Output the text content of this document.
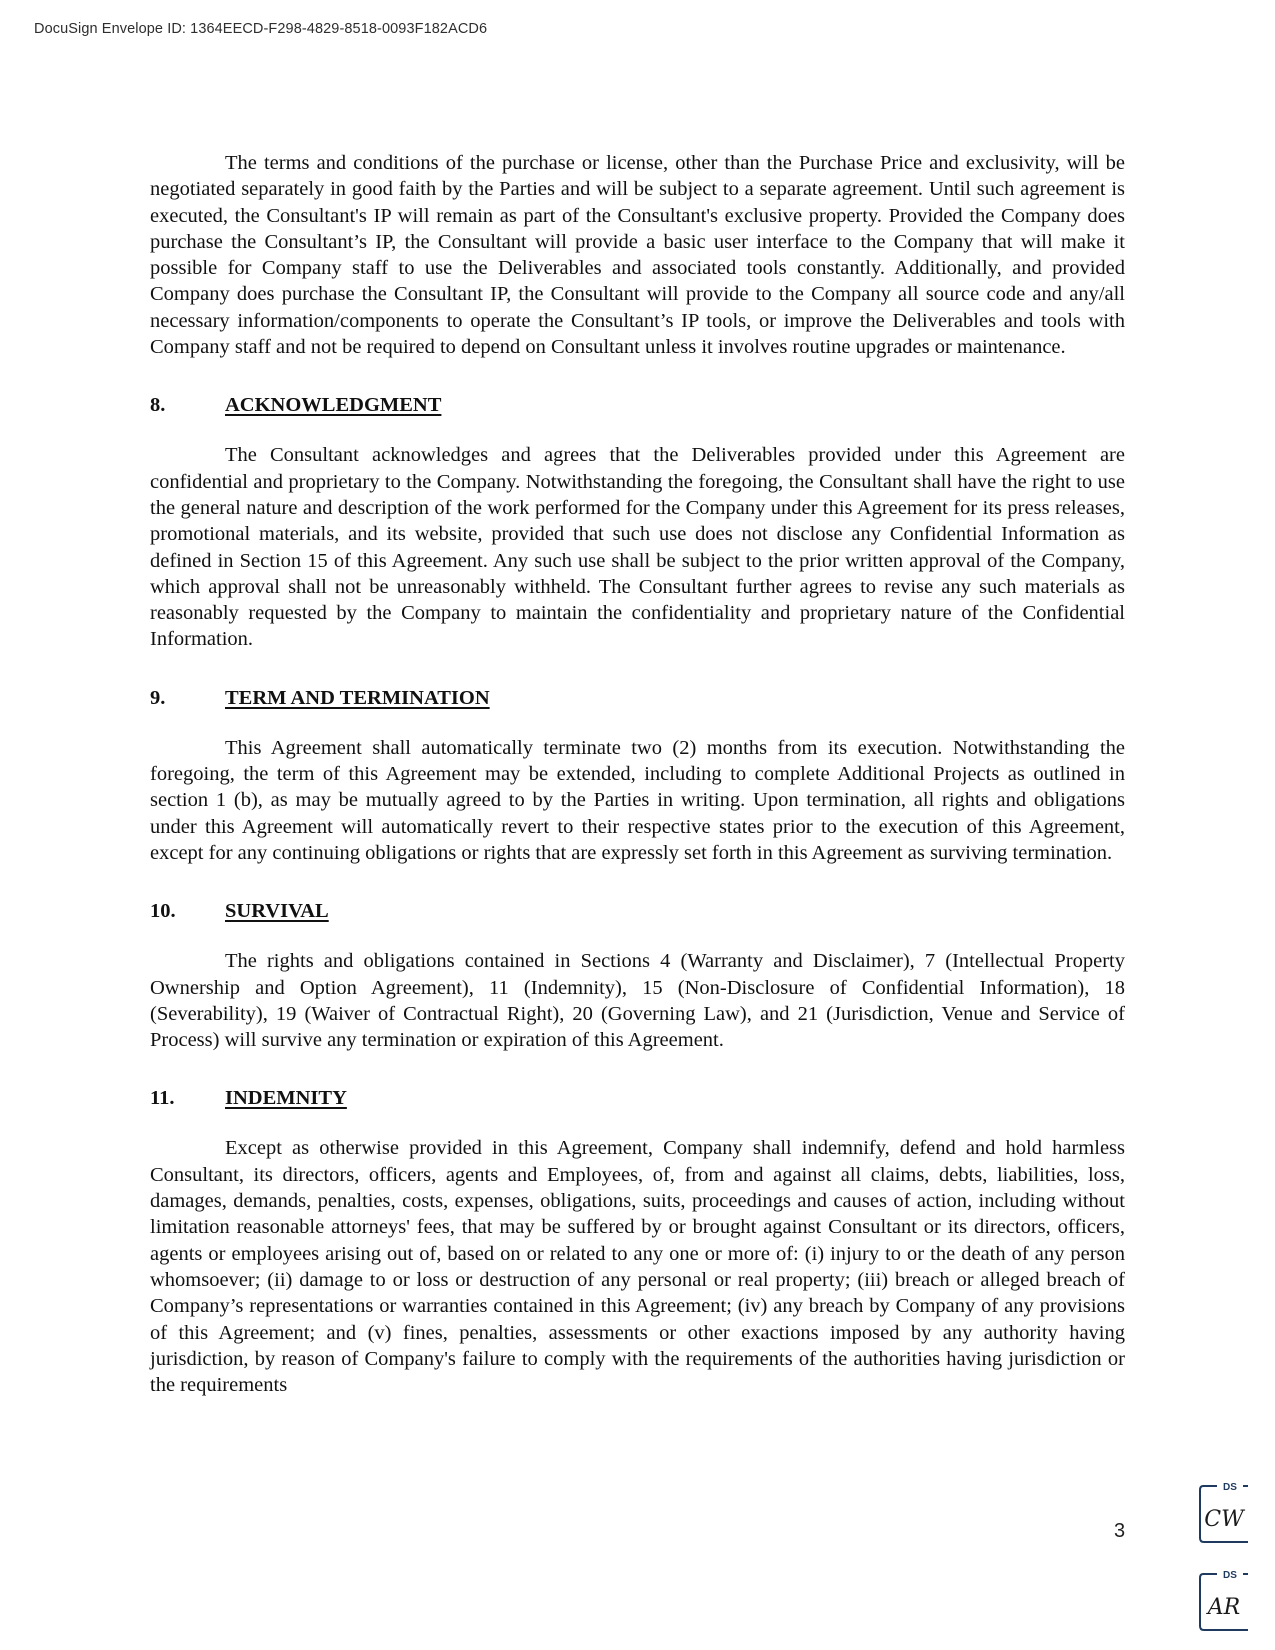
DocuSign Envelope ID: 1364EECD-F298-4829-8518-0093F182ACD6

The terms and conditions of the purchase or license, other than the Purchase Price and exclusivity, will be negotiated separately in good faith by the Parties and will be subject to a separate agreement. Until such agreement is executed, the Consultant's IP will remain as part of the Consultant's exclusive property. Provided the Company does purchase the Consultant’s IP, the Consultant will provide a basic user interface to the Company that will make it possible for Company staff to use the Deliverables and associated tools constantly. Additionally, and provided Company does purchase the Consultant IP, the Consultant will provide to the Company all source code and any/all necessary information/components to operate the Consultant’s IP tools, or improve the Deliverables and tools with Company staff and not be required to depend on Consultant unless it involves routine upgrades or maintenance.

8.	ACKNOWLEDGMENT

The Consultant acknowledges and agrees that the Deliverables provided under this Agreement are confidential and proprietary to the Company. Notwithstanding the foregoing, the Consultant shall have the right to use the general nature and description of the work performed for the Company under this Agreement for its press releases, promotional materials, and its website, provided that such use does not disclose any Confidential Information as defined in Section 15 of this Agreement. Any such use shall be subject to the prior written approval of the Company, which approval shall not be unreasonably withheld. The Consultant further agrees to revise any such materials as reasonably requested by the Company to maintain the confidentiality and proprietary nature of the Confidential Information.

9.	TERM AND TERMINATION

This Agreement shall automatically terminate two (2) months from its execution. Notwithstanding the foregoing, the term of this Agreement may be extended, including to complete Additional Projects as outlined in section 1 (b), as may be mutually agreed to by the Parties in writing. Upon termination, all rights and obligations under this Agreement will automatically revert to their respective states prior to the execution of this Agreement, except for any continuing obligations or rights that are expressly set forth in this Agreement as surviving termination.

10. SURVIVAL

The rights and obligations contained in Sections 4 (Warranty and Disclaimer), 7 (Intellectual Property Ownership and Option Agreement), 11 (Indemnity), 15 (Non-Disclosure of Confidential Information), 18 (Severability), 19 (Waiver of Contractual Right), 20 (Governing Law), and 21 (Jurisdiction, Venue and Service of Process) will survive any termination or expiration of this Agreement.

11. INDEMNITY

Except as otherwise provided in this Agreement, Company shall indemnify, defend and hold harmless Consultant, its directors, officers, agents and Employees, of, from and against all claims, debts, liabilities, loss, damages, demands, penalties, costs, expenses, obligations, suits, proceedings and causes of action, including without limitation reasonable attorneys' fees, that may be suffered by or brought against Consultant or its directors, officers, agents or employees arising out of, based on or related to any one or more of: (i) injury to or the death of any person whomsoever; (ii) damage to or loss or destruction of any personal or real property; (iii) breach or alleged breach of Company’s representations or warranties contained in this Agreement; (iv) any breach by Company of any provisions of this Agreement; and (v) fines, penalties, assessments or other exactions imposed by any authority having jurisdiction, by reason of Company's failure to comply with the requirements of the authorities having jurisdiction or the requirements

3
DS
CW
DS
AR
